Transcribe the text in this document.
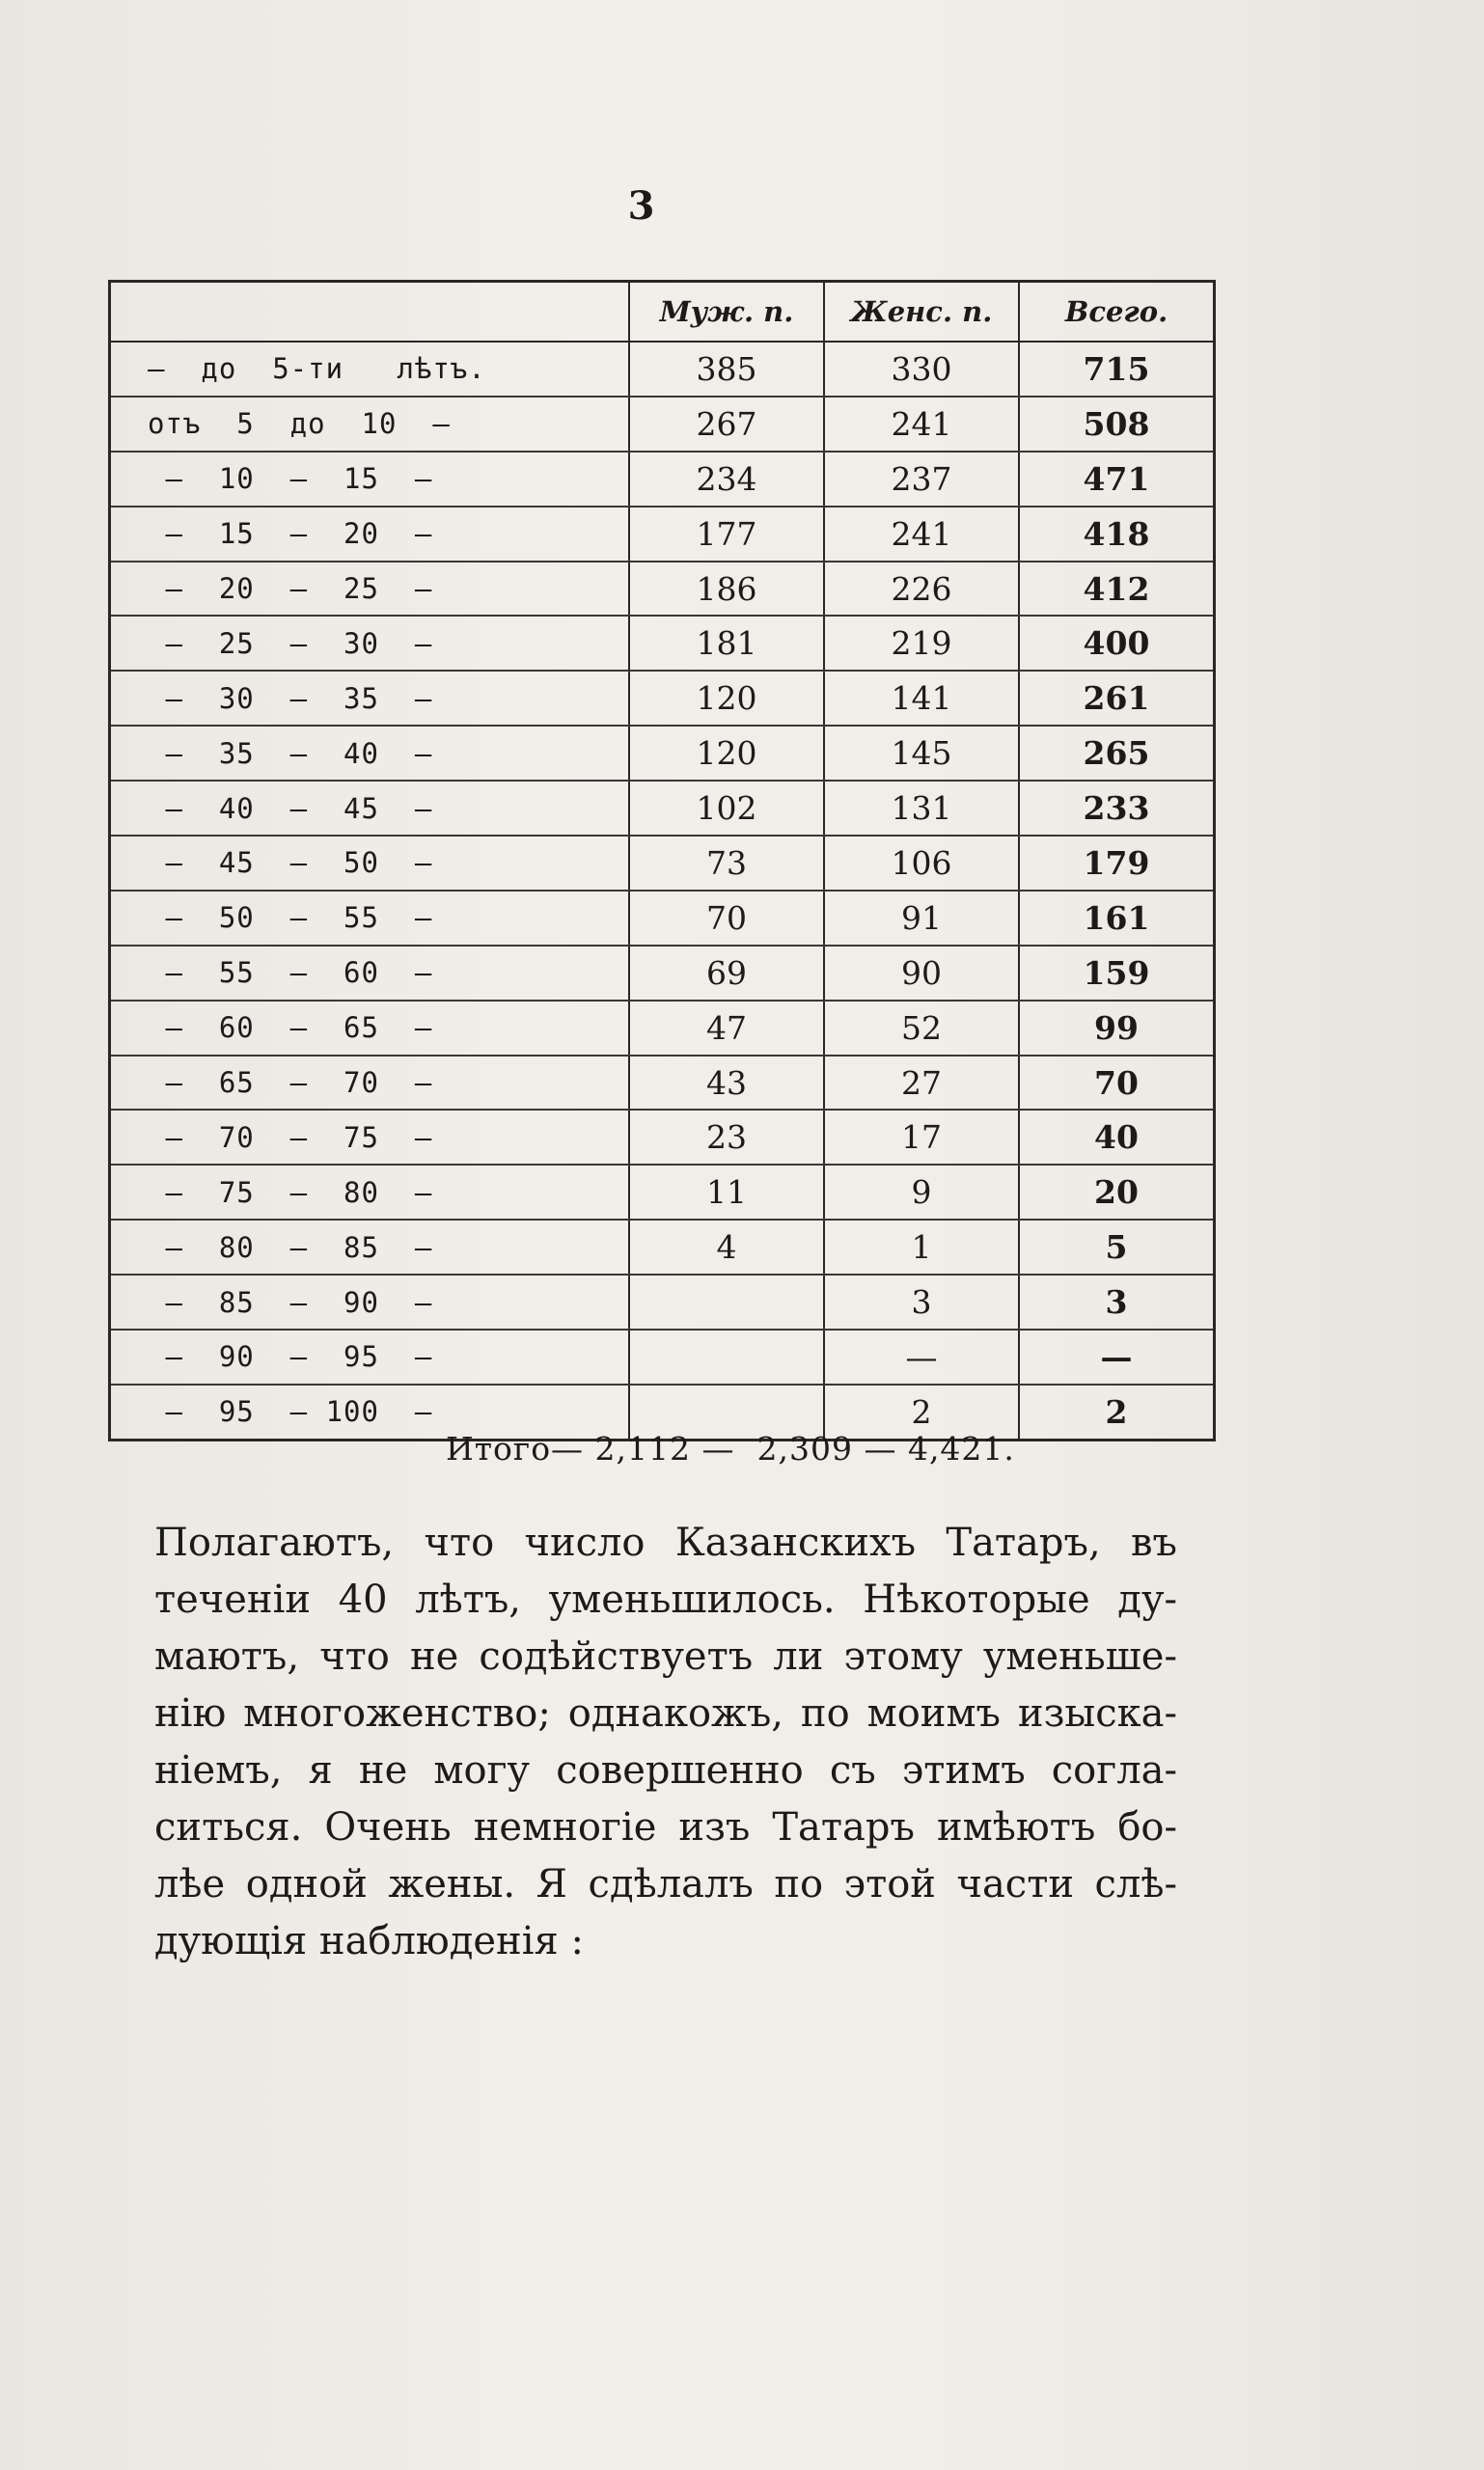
3
	Муж. п.	Женс. п.	Всего.
—  до  5-ти   лѣтъ.	385	330	715
отъ  5  до  10  —	267	241	508
—  10  —  15  —	234	237	471
—  15  —  20  —	177	241	418
—  20  —  25  —	186	226	412
—  25  —  30  —	181	219	400
—  30  —  35  —	120	141	261
—  35  —  40  —	120	145	265
—  40  —  45  —	102	131	233
—  45  —  50  —	73	106	179
—  50  —  55  —	70	91	161
—  55  —  60  —	69	90	159
—  60  —  65  —	47	52	99
—  65  —  70  —	43	27	70
—  70  —  75  —	23	17	40
—  75  —  80  —	11	9	20
—  80  —  85  —	4	1	5
—  85  —  90  —		3	3
—  90  —  95  —		—	—
—  95  — 100  —		2	2
Итого— 2,112 —  2,309 — 4,421.
Полагаютъ, что число Казанскихъ Татаръ, въ
теченiи 40 лѣтъ, уменьшилось. Нѣкоторые ду-
маютъ, что не содѣйствуетъ ли этому уменьше-
нiю многоженство; однакожъ, по моимъ изыска-
нiемъ, я не могу совершенно съ этимъ согла-
ситься. Очень немногiе изъ Татаръ имѣютъ бо-
лѣе одной жены. Я сдѣлалъ по этой части слѣ-
дующiя наблюденiя :
